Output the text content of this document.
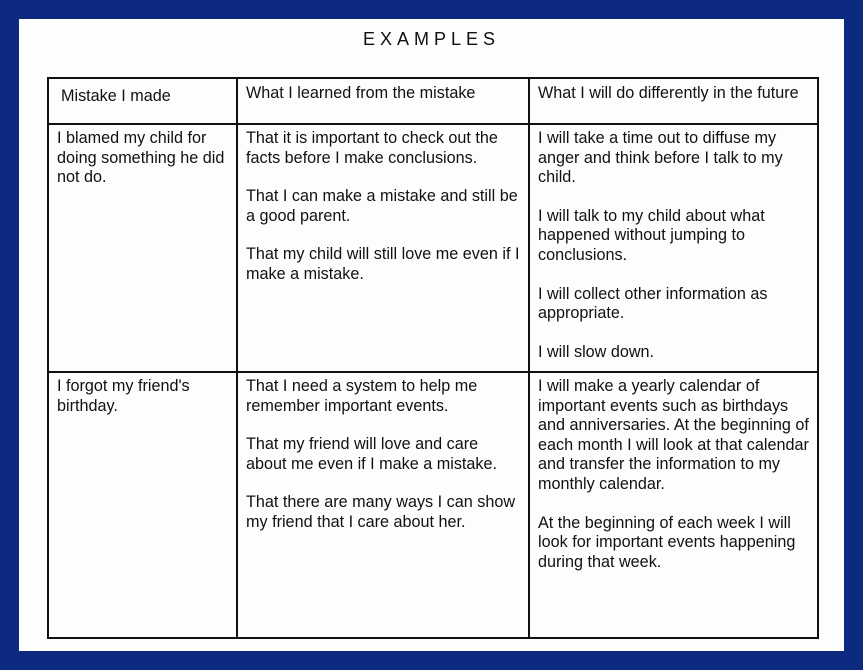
EXAMPLES
Mistake I made	What I learned from the mistake	What I will do differently in the future

I blamed my child for doing something he did not do.

That it is important to check out the facts before I make conclusions.

That I can make a mistake and still be a good parent.

That my child will still love me even if I make a mistake.

I will take a time out to diffuse my anger and think before I talk to my child.

I will talk to my child about what happened without jumping to conclusions.

I will collect other information as appropriate.

I will slow down.

I forgot my friend's birthday.

That I need a system to help me remember important events.

That my friend will love and care about me even if I make a mistake.

That there are many ways I can show my friend that I care about her.

I will make a yearly calendar of important events such as birthdays and anniversaries. At the beginning of each month I will look at that calendar and transfer the information to my monthly calendar.

At the beginning of each week I will look for important events happening during that week.
